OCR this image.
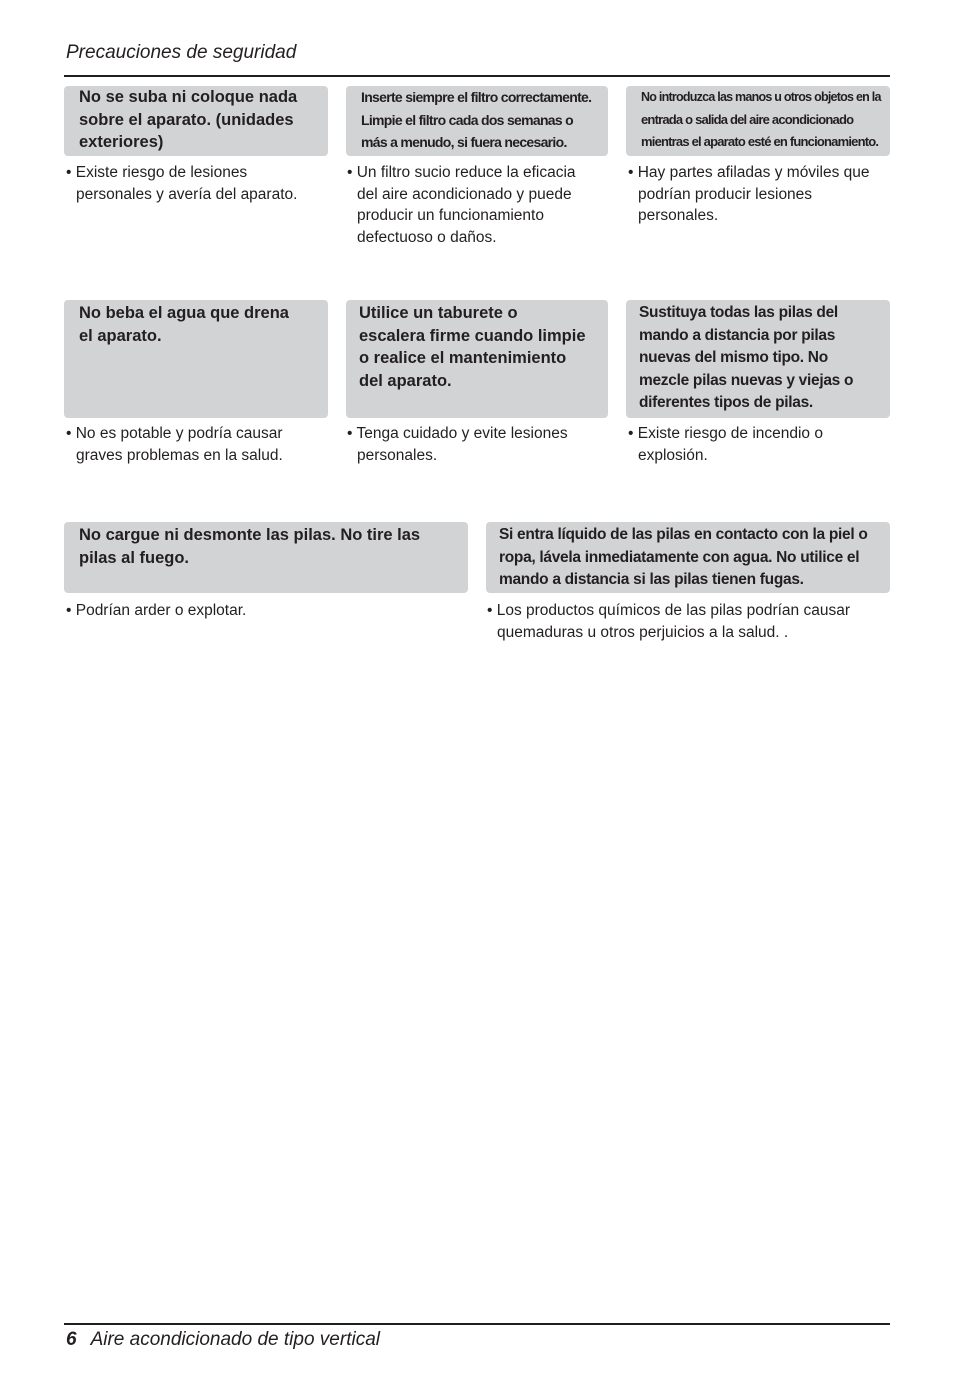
Precauciones de seguridad
No se suba ni coloque nada
sobre el aparato. (unidades
exteriores)
• Existe riesgo de lesiones
personales y avería del aparato.
Inserte siempre el filtro correctamente.
Limpie el filtro cada dos semanas o
más a menudo, si fuera necesario.
• Un filtro sucio reduce la eficacia
del aire acondicionado y puede
producir un funcionamiento
defectuoso o daños.
No introduzca las manos u otros objetos en la
entrada o salida del aire acondicionado
mientras el aparato esté en funcionamiento.
• Hay partes afiladas y móviles que
podrían producir lesiones
personales.
No beba el agua que drena
el aparato.
• No es potable y podría causar
graves problemas en la salud.
Utilice un taburete o
escalera firme cuando limpie
o realice el mantenimiento
del aparato.
• Tenga cuidado y evite lesiones
personales.
Sustituya todas las pilas del
mando a distancia por pilas
nuevas del mismo tipo. No
mezcle pilas nuevas y viejas o
diferentes tipos de pilas.
• Existe riesgo de incendio o
explosión.
No cargue ni desmonte las pilas. No tire las
pilas al fuego.
• Podrían arder o explotar.
Si entra líquido de las pilas en contacto con la piel o
ropa, lávela inmediatamente con agua. No utilice el
mando a distancia si las pilas tienen fugas.
• Los productos químicos de las pilas podrían causar
quemaduras u otros perjuicios a la salud. .
6 Aire acondicionado de tipo vertical
